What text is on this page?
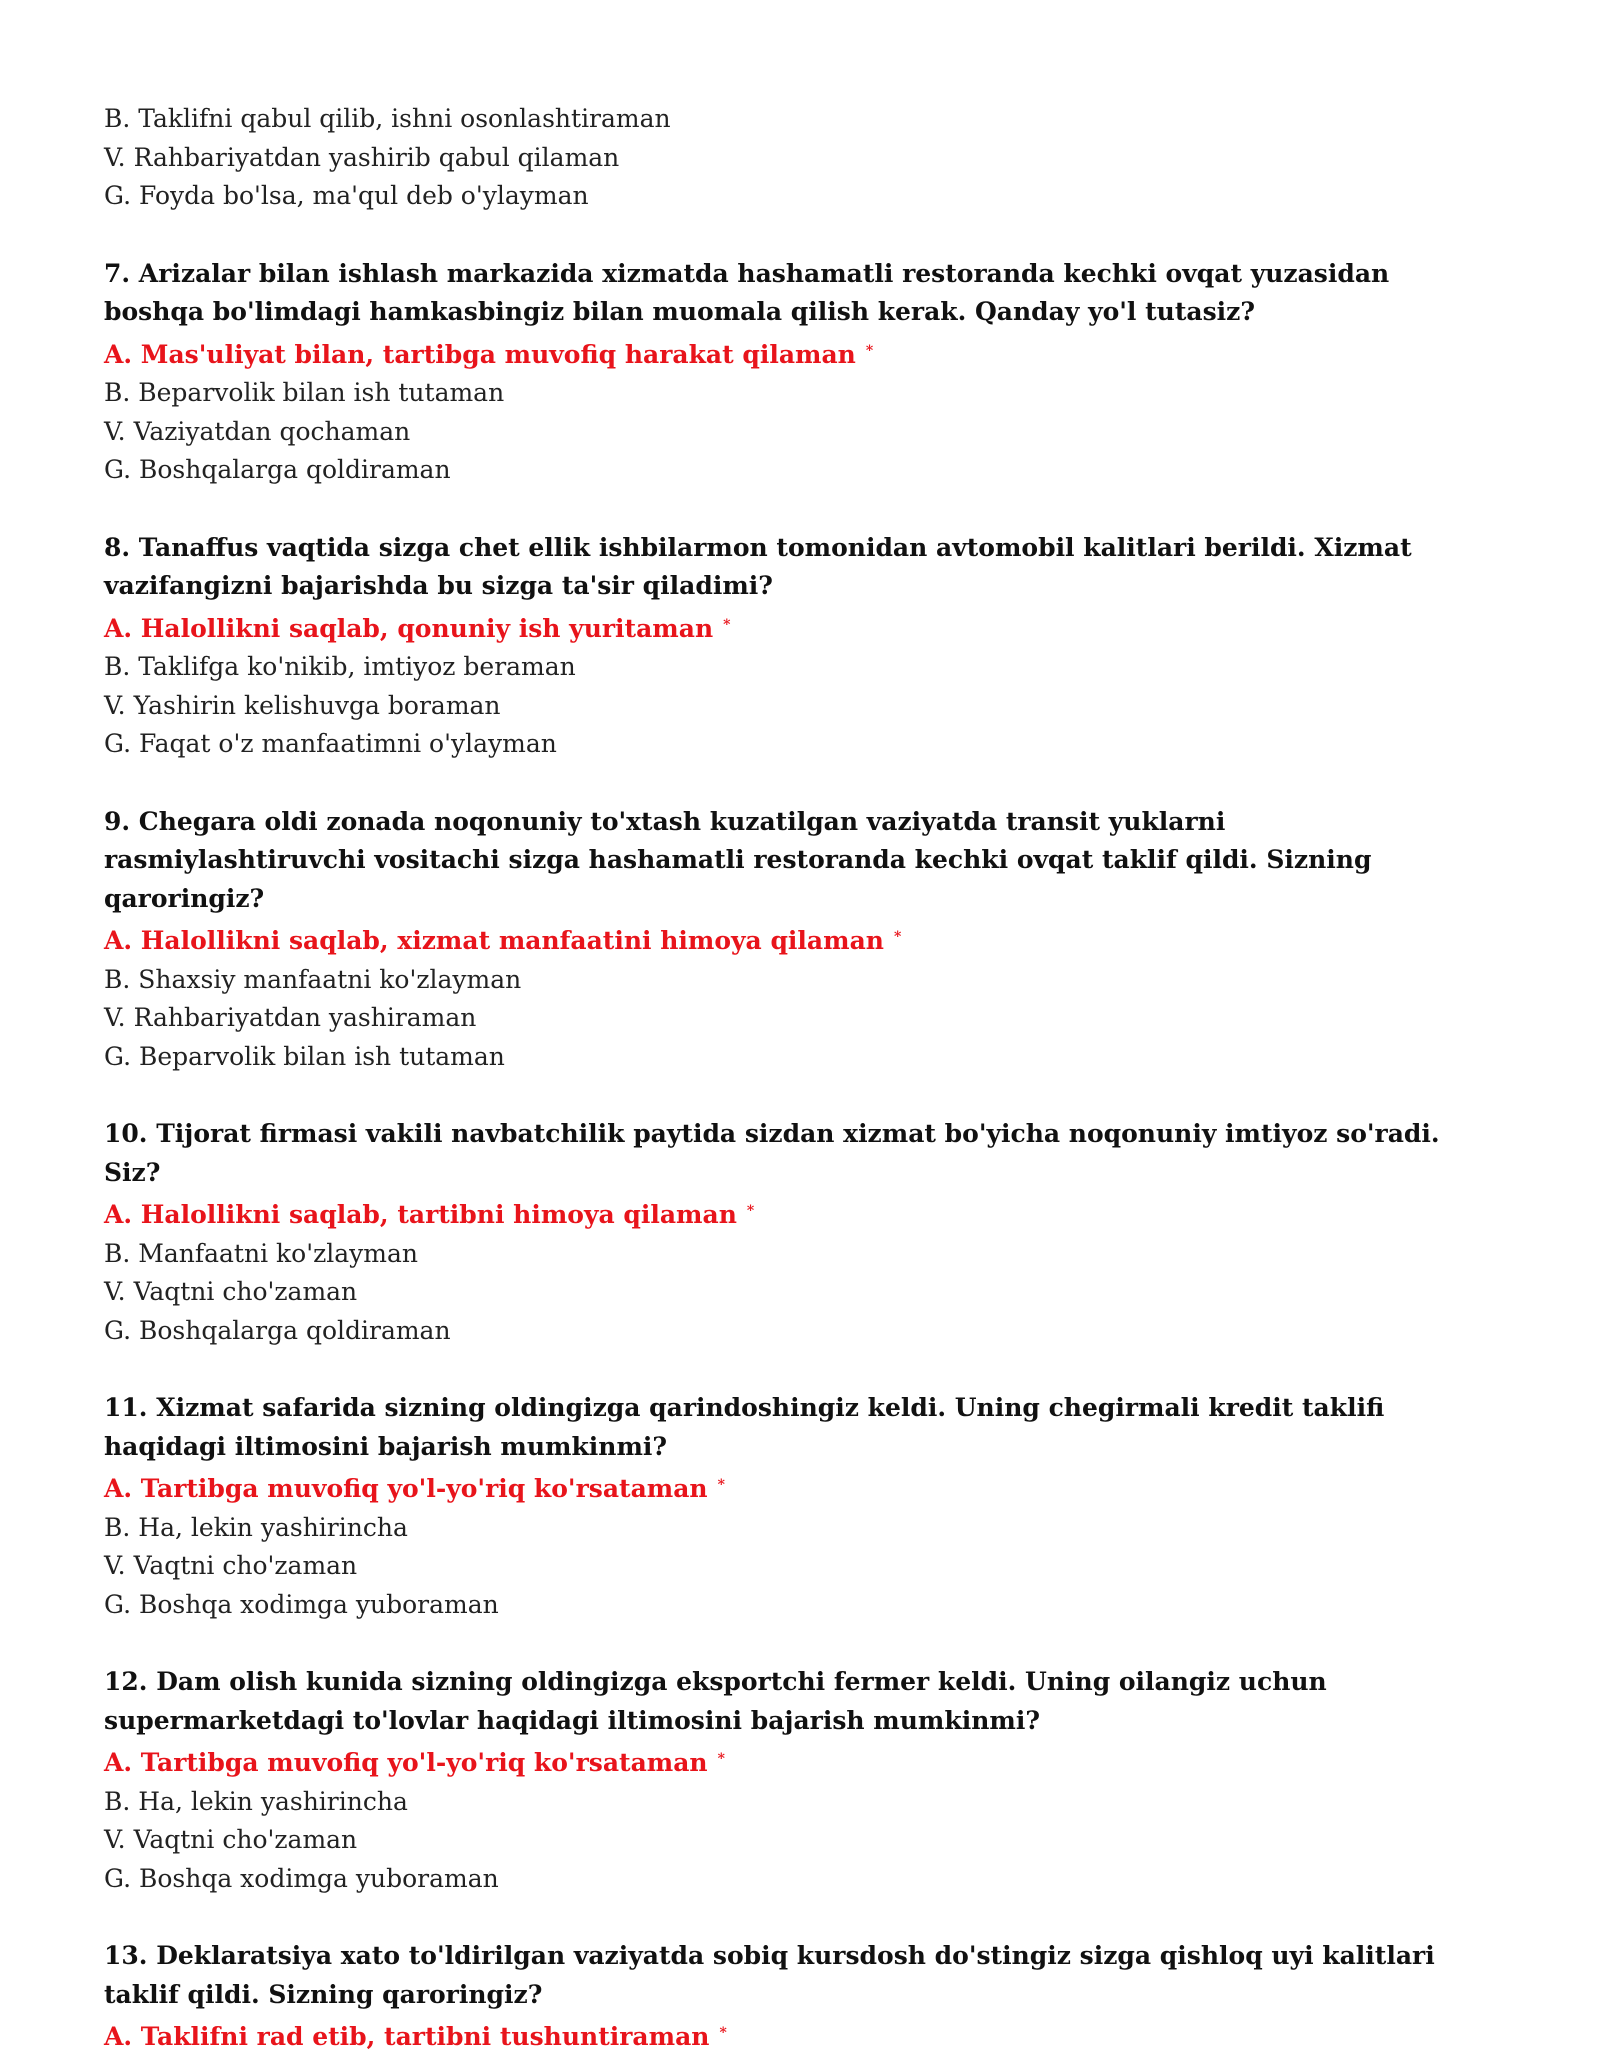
B. Taklifni qabul qilib, ishni osonlashtiraman
V. Rahbariyatdan yashirib qabul qilaman
G. Foyda bo'lsa, ma'qul deb o'ylayman
7. Arizalar bilan ishlash markazida xizmatda hashamatli restoranda kechki ovqat yuzasidan boshqa bo'limdagi hamkasbingiz bilan muomala qilish kerak. Qanday yo'l tutasiz?
A. Mas'uliyat bilan, tartibga muvofiq harakat qilaman *
B. Beparvolik bilan ish tutaman
V. Vaziyatdan qochaman
G. Boshqalarga qoldiraman
8. Tanaffus vaqtida sizga chet ellik ishbilarmon tomonidan avtomobil kalitlari berildi. Xizmat vazifangizni bajarishda bu sizga ta'sir qiladimi?
A. Halollikni saqlab, qonuniy ish yuritaman *
B. Taklifga ko'nikib, imtiyoz beraman
V. Yashirin kelishuvga boraman
G. Faqat o'z manfaatimni o'ylayman
9. Chegara oldi zonada noqonuniy to'xtash kuzatilgan vaziyatda transit yuklarni rasmiylashtiruvchi vositachi sizga hashamatli restoranda kechki ovqat taklif qildi. Sizning qaroringiz?
A. Halollikni saqlab, xizmat manfaatini himoya qilaman *
B. Shaxsiy manfaatni ko'zlayman
V. Rahbariyatdan yashiraman
G. Beparvolik bilan ish tutaman
10. Tijorat firmasi vakili navbatchilik paytida sizdan xizmat bo'yicha noqonuniy imtiyoz so'radi. Siz?
A. Halollikni saqlab, tartibni himoya qilaman *
B. Manfaatni ko'zlayman
V. Vaqtni cho'zaman
G. Boshqalarga qoldiraman
11. Xizmat safarida sizning oldingizga qarindoshingiz keldi. Uning chegirmali kredit taklifi haqidagi iltimosini bajarish mumkinmi?
A. Tartibga muvofiq yo'l-yo'riq ko'rsataman *
B. Ha, lekin yashirincha
V. Vaqtni cho'zaman
G. Boshqa xodimga yuboraman
12. Dam olish kunida sizning oldingizga eksportchi fermer keldi. Uning oilangiz uchun supermarketdagi to'lovlar haqidagi iltimosini bajarish mumkinmi?
A. Tartibga muvofiq yo'l-yo'riq ko'rsataman *
B. Ha, lekin yashirincha
V. Vaqtni cho'zaman
G. Boshqa xodimga yuboraman
13. Deklaratsiya xato to'ldirilgan vaziyatda sobiq kursdosh do'stingiz sizga qishloq uyi kalitlari taklif qildi. Sizning qaroringiz?
A. Taklifni rad etib, tartibni tushuntiraman *
